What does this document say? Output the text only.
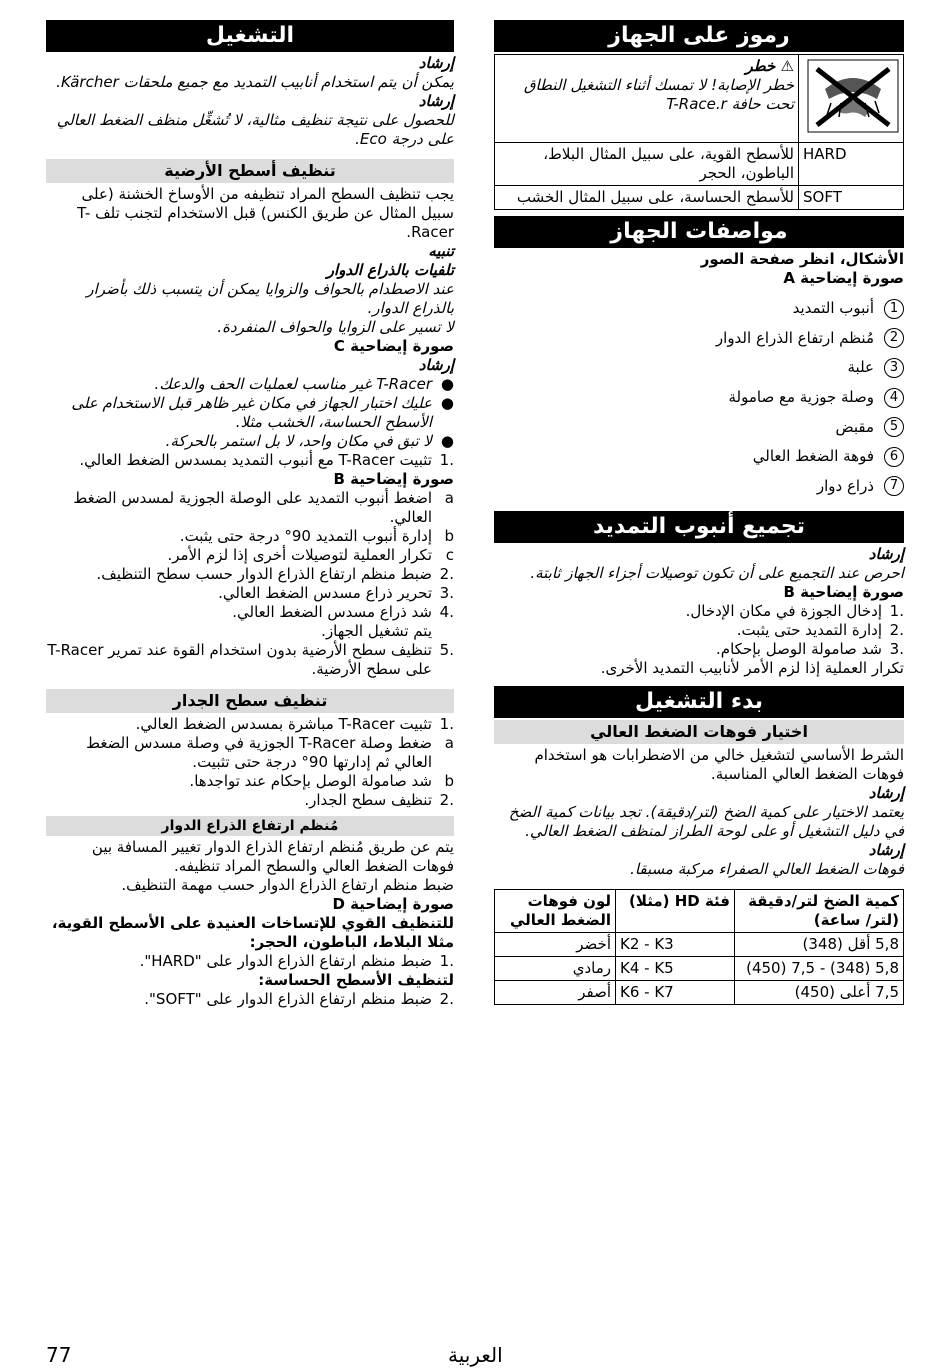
التشغيل

إرشاد

يمكن أن يتم استخدام أنابيب التمديد مع جميع ملحقات Kärcher.

إرشاد

للحصول على نتيجة تنظيف مثالية، لا تُشغِّل منظف الضغط العالي على درجة Eco.

تنظيف أسطح الأرضية

يجب تنظيف السطح المراد تنظيفه من الأوساخ الخشنة (على سبيل المثال عن طريق الكنس) قبل الاستخدام لتجنب تلف T-Racer.

تنبيه

تلفيات بالذراع الدوار

عند الاصطدام بالحواف والزوايا يمكن أن يتسبب ذلك بأضرار بالذراع الدوار.

لا تسير على الزوايا والحواف المنفردة.

صورة إيضاحية C

إرشاد

●
T-Racer غير مناسب لعمليات الحف والدعك.
●
عليك اختبار الجهاز في مكان غير ظاهر قبل الاستخدام على الأسطح الحساسة، الخشب مثلا.
●
لا تبق في مكان واحد، لا بل استمر بالحركة.
.1
تثبيت T-Racer مع أنبوب التمديد بمسدس الضغط العالي.

صورة إيضاحية B

a
اضغط أنبوب التمديد على الوصلة الجوزية لمسدس الضغط العالي.
b
إدارة أنبوب التمديد 90° درجة حتى يثبت.
c
تكرار العملية لتوصيلات أخرى إذا لزم الأمر.
.2
ضبط منظم ارتفاع الذراع الدوار حسب سطح التنظيف.
.3
تحرير ذراع مسدس الضغط العالي.
.4
شد ذراع مسدس الضغط العالي.
يتم تشغيل الجهاز.
.5
تنظيف سطح الأرضية بدون استخدام القوة عند تمرير T-Racer على سطح الأرضية.
تنظيف سطح الجدار
.1
تثبيت T-Racer مباشرة بمسدس الضغط العالي.
a
ضغط وصلة T-Racer الجوزية في وصلة مسدس الضغط العالي ثم إدارتها 90° درجة حتى تثبيت.
b
شد صامولة الوصل بإحكام عند تواجدها.
.2
تنظيف سطح الجدار.
مُنظم ارتفاع الذراع الدوار

يتم عن طريق مُنظم ارتفاع الذراع الدوار تغيير المسافة بين فوهات الضغط العالي والسطح المراد تنظيفه.

ضبط منظم ارتفاع الذراع الدوار حسب مهمة التنظيف.

صورة إيضاحية D

للتنظيف القوي للإتساخات العنيدة على الأسطح القوية، مثلا البلاط، الباطون، الحجر:

.1
ضبط منظم ارتفاع الذراع الدوار على "HARD".

لتنظيف الأسطح الحساسة:

.2
ضبط منظم ارتفاع الذراع الدوار على "SOFT".
رموز على الجهاز

⚠ خطر

خطر الإصابة! لا تمسك أثناء التشغيل النطاق تحت حافة T-Race.r

HARD	للأسطح القوية، على سبيل المثال البلاط، الباطون، الحجر
SOFT	للأسطح الحساسة، على سبيل المثال الخشب
مواصفات الجهاز

الأشكال، انظر صفحة الصور

صورة إيضاحية A

1
أنبوب التمديد
2
مُنظم ارتفاع الذراع الدوار
3
علبة
4
وصلة جوزية مع صامولة
5
مقبض
6
فوهة الضغط العالي
7
ذراع دوار
تجميع أنبوب التمديد

إرشاد

احرص عند التجميع على أن تكون توصيلات أجزاء الجهاز ثابتة.

صورة إيضاحية B

.1
إدخال الجوزة في مكان الإدخال.
.2
إدارة التمديد حتى يثبت.
.3
شد صامولة الوصل بإحكام.

تكرار العملية إذا لزم الأمر لأنابيب التمديد الأخرى.

بدء التشغيل
اختيار فوهات الضغط العالي

الشرط الأساسي لتشغيل خالي من الاضطرابات هو استخدام فوهات الضغط العالي المناسبة.

إرشاد

يعتمد الاختيار على كمية الضخ (لتر/دقيقة). تجد بيانات كمية الضخ في دليل التشغيل أو على لوحة الطراز لمنظف الضغط العالي.

إرشاد

فوهات الضغط العالي الصفراء مركبة مسبقا.

كمية الضخ لتر/دقيقة (لتر/ ساعة)	فئة HD (مثلا)	لون فوهات الضغط العالي
5,8 أقل (348)	K2 - K3	أخضر
5,8 (348) - 7,5 (450)	K4 - K5	رمادي
7,5 أعلى (450)	K6 - K7	أصفر
77	العربية
